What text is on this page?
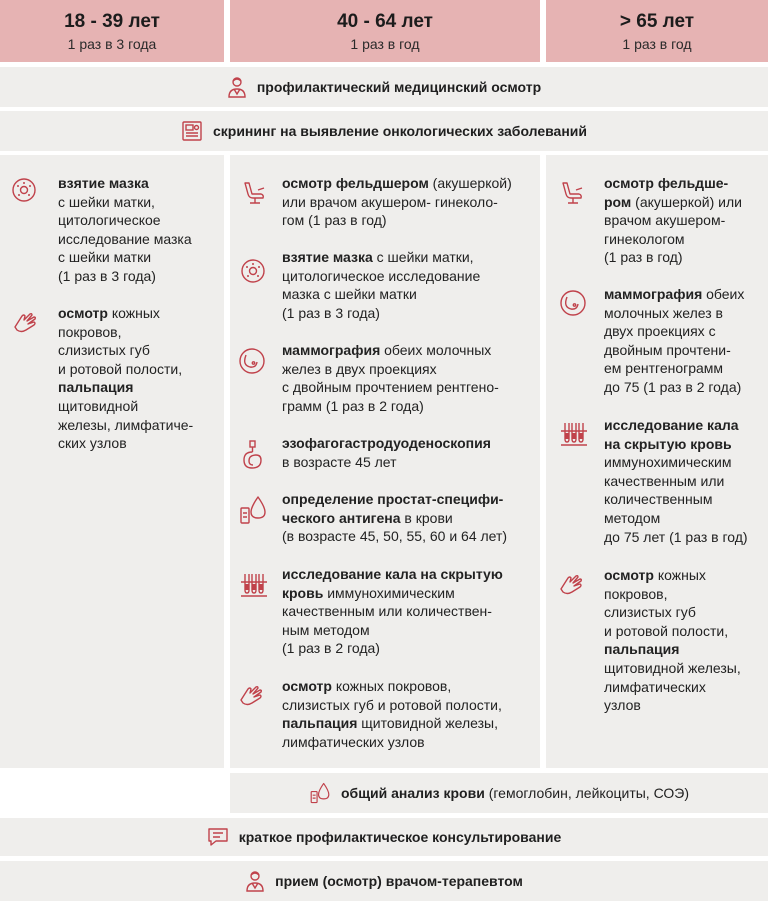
18 - 39 лет
1 раз в 3 года
40 - 64 лет
1 раз в год
> 65 лет
1 раз в год
профилактический медицинский осмотр
скрининг на выявление онкологических заболеваний
взятие мазка
с шейки матки,
цитологическое
исследование мазка
с шейки матки
(1 раз в 3 года)
осмотр кожных
покровов,
слизистых губ
и ротовой полости,
пальпация
щитовидной
железы, лимфатиче-
ских узлов
осмотр фельдшером (акушеркой)
или врачом акушером- гинеколо-
гом (1 раз в год)
взятие мазка с шейки матки,
цитологическое исследование
мазка с шейки матки
(1 раз в 3 года)
маммография обеих молочных
желез в двух проекциях
с двойным прочтением рентгено-
грамм (1 раз в 2 года)
эзофагогастродуоденоскопия
в возрасте 45 лет
определение простат-специфи-
ческого антигена в крови
(в возрасте 45, 50, 55, 60 и 64 лет)
исследование кала на скрытую
кровь иммунохимическим
качественным или количествен-
ным методом
(1 раз в 2 года)
осмотр кожных покровов,
слизистых губ и ротовой полости,
пальпация щитовидной железы,
лимфатических узлов
осмотр фельдше-
ром (акушеркой) или
врачом акушером-
гинекологом
(1 раз в год)
маммография обеих
молочных желез в
двух проекциях с
двойным прочтени-
ем рентгенограмм
до 75 (1 раз в 2 года)
исследование кала
на скрытую кровь
иммунохимическим
качественным или
количественным
методом
до 75 лет (1 раз в год)
осмотр кожных
покровов,
слизистых губ
и ротовой полости,
пальпация
щитовидной железы,
лимфатических
узлов
общий анализ крови (гемоглобин, лейкоциты, СОЭ)
краткое профилактическое консультирование
прием (осмотр) врачом-терапевтом
